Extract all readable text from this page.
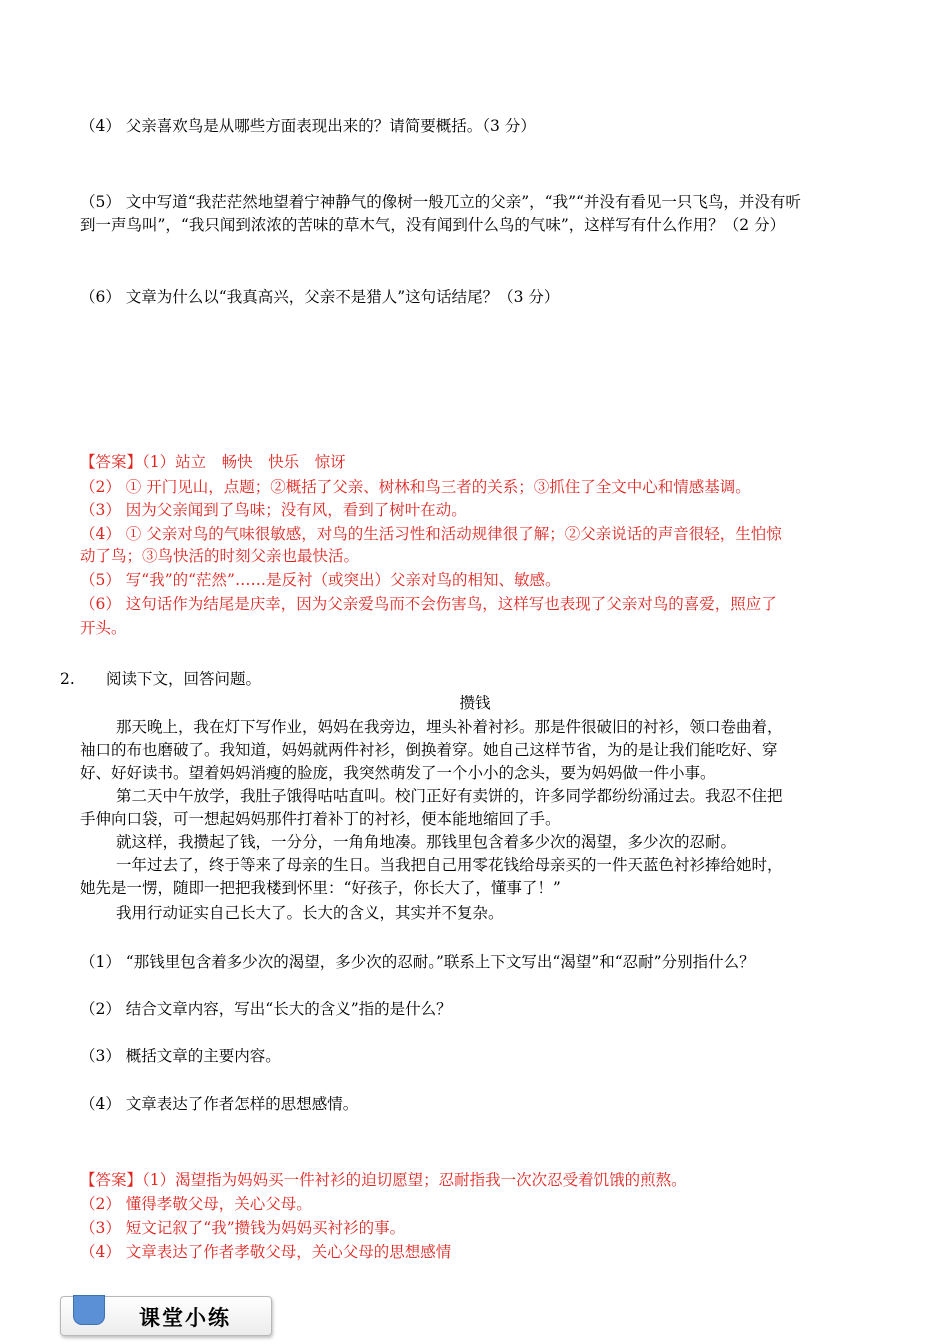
（4） 父亲喜欢鸟是从哪些方面表现出来的？请简要概括。（3 分）
（5） 文中写道“我茫茫然地望着宁神静气的像树一般兀立的父亲”，“我”“并没有看见一只飞鸟，并没有听
到一声鸟叫”，“我只闻到浓浓的苦味的草木气，没有闻到什么鸟的气味”，这样写有什么作用？（2 分）
（6） 文章为什么以“我真高兴，父亲不是猎人”这句话结尾？（3 分）
【答案】（1）站立　畅快　快乐　惊讶
（2） ① 开门见山，点题；②概括了父亲、树林和鸟三者的关系；③抓住了全文中心和情感基调。
（3） 因为父亲闻到了鸟味；没有风，看到了树叶在动。
（4） ① 父亲对鸟的气味很敏感，对鸟的生活习性和活动规律很了解；②父亲说话的声音很轻，生怕惊
动了鸟；③鸟快活的时刻父亲也最快活。
（5） 写“我”的“茫然”……是反衬（或突出）父亲对鸟的相知、敏感。
（6） 这句话作为结尾是庆幸，因为父亲爱鸟而不会伤害鸟，这样写也表现了父亲对鸟的喜爱，照应了
开头。
2. 阅读下文，回答问题。
攒钱
那天晚上，我在灯下写作业，妈妈在我旁边，埋头补着衬衫。那是件很破旧的衬衫，领口卷曲着，
袖口的布也磨破了。我知道，妈妈就两件衬衫，倒换着穿。她自己这样节省，为的是让我们能吃好、穿
好、好好读书。望着妈妈消瘦的脸庞，我突然萌发了一个小小的念头，要为妈妈做一件小事。
第二天中午放学，我肚子饿得咕咕直叫。校门正好有卖饼的，许多同学都纷纷涌过去。我忍不住把
手伸向口袋，可一想起妈妈那件打着补丁的衬衫，便本能地缩回了手。
就这样，我攒起了钱，一分分，一角角地凑。那钱里包含着多少次的渴望，多少次的忍耐。
一年过去了，终于等来了母亲的生日。当我把自己用零花钱给母亲买的一件天蓝色衬衫捧给她时，
她先是一愣，随即一把把我楼到怀里：“好孩子，你长大了，懂事了！”
我用行动证实自己长大了。长大的含义，其实并不复杂。
（1） “那钱里包含着多少次的渴望，多少次的忍耐。”联系上下文写出“渴望”和“忍耐”分别指什么？
（2） 结合文章内容，写出“长大的含义”指的是什么？
（3） 概括文章的主要内容。
（4） 文章表达了作者怎样的思想感情。
【答案】（1）渴望指为妈妈买一件衬衫的迫切愿望；忍耐指我一次次忍受着饥饿的煎熬。
（2） 懂得孝敬父母，关心父母。
（3） 短文记叙了“我”攒钱为妈妈买衬衫的事。
（4） 文章表达了作者孝敬父母，关心父母的思想感情
课堂小练
